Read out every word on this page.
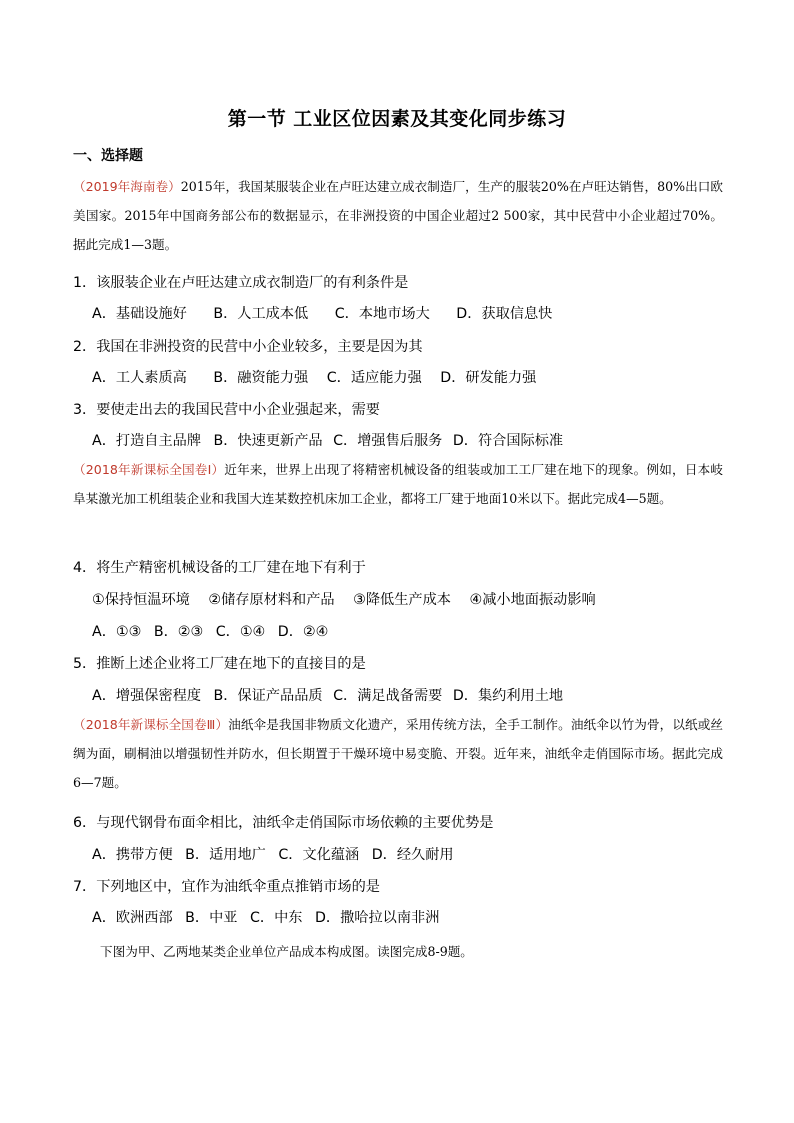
第一节 工业区位因素及其变化同步练习
一、选择题
（2019年海南卷）2015年，我国某服装企业在卢旺达建立成衣制造厂，生产的服装20%在卢旺达销售，80%出口欧美国家。2015年中国商务部公布的数据显示，在非洲投资的中国企业超过2 500家，其中民营中小企业超过70%。据此完成1—3题。
1．该服装企业在卢旺达建立成衣制造厂的有利条件是
A．基础设施好 B．人工成本低 C．本地市场大 D．获取信息快
2．我国在非洲投资的民营中小企业较多，主要是因为其
A．工人素质高 B．融资能力强 C．适应能力强 D．研发能力强
3．要使走出去的我国民营中小企业强起来，需要
A．打造自主品牌 B．快速更新产品 C．增强售后服务 D．符合国际标准
（2018年新课标全国卷Ⅰ）近年来，世界上出现了将精密机械设备的组装或加工工厂建在地下的现象。例如，日本岐阜某激光加工机组装企业和我国大连某数控机床加工企业，都将工厂建于地面10米以下。据此完成4—5题。
4．将生产精密机械设备的工厂建在地下有利于
①保持恒温环境 ②储存原材料和产品 ③降低生产成本 ④减小地面振动影响
A．①③ B．②③ C．①④ D．②④
5．推断上述企业将工厂建在地下的直接目的是
A．增强保密程度 B．保证产品品质 C．满足战备需要 D．集约利用土地
（2018年新课标全国卷Ⅲ）油纸伞是我国非物质文化遗产，采用传统方法，全手工制作。油纸伞以竹为骨，以纸或丝绸为面，刷桐油以增强韧性并防水，但长期置于干燥环境中易变脆、开裂。近年来，油纸伞走俏国际市场。据此完成6—7题。
6．与现代钢骨布面伞相比，油纸伞走俏国际市场依赖的主要优势是
A．携带方便 B．适用地广 C．文化蕴涵 D．经久耐用
7．下列地区中，宜作为油纸伞重点推销市场的是
A．欧洲西部 B．中亚 C．中东 D．撒哈拉以南非洲
下图为甲、乙两地某类企业单位产品成本构成图。读图完成8-9题。
